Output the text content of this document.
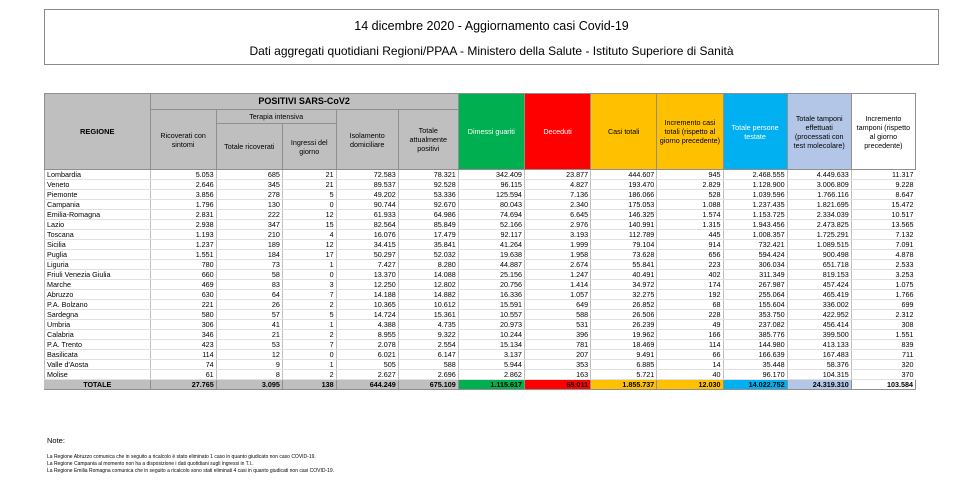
14 dicembre 2020 - Aggiornamento casi Covid-19
Dati aggregati quotidiani Regioni/PPAA - Ministero della Salute - Istituto Superiore di Sanità
REGIONE	POSITIVI SARS-CoV2					Dimessi guariti	Deceduti	Casi totali	Incremento casi totali (rispetto al giorno precedente)	Totale persone testate	Totale tamponi effettuati (processati con test molecolare)	Incremento tamponi (rispetto al giorno precedente)
	Ricoverati con sintomi	Terapia intensiva		Isolamento domiciliare	Totale attualmente positivi							
		Totale ricoverati	Ingressi del giorno									
Lombardia	5.053	685	21	72.583	78.321	342.409	23.877	444.607	945	2.468.555	4.449.633	11.317
Veneto	2.646	345	21	89.537	92.528	96.115	4.827	193.470	2.829	1.128.900	3.006.809	9.228
Piemonte	3.856	278	5	49.202	53.336	125.594	7.136	186.066	528	1.039.596	1.766.116	8.647
Campania	1.796	130	0	90.744	92.670	80.043	2.340	175.053	1.088	1.237.435	1.821.695	15.472
Emilia-Romagna	2.831	222	12	61.933	64.986	74.694	6.645	146.325	1.574	1.153.725	2.334.039	10.517
Lazio	2.938	347	15	82.564	85.849	52.166	2.976	140.991	1.315	1.943.456	2.473.825	13.565
Toscana	1.193	210	4	16.076	17.479	92.117	3.193	112.789	445	1.008.357	1.725.291	7.132
Sicilia	1.237	189	12	34.415	35.841	41.264	1.999	79.104	914	732.421	1.089.515	7.091
Puglia	1.551	184	17	50.297	52.032	19.638	1.958	73.628	656	594.424	900.498	4.878
Liguria	780	73	1	7.427	8.280	44.887	2.674	55.841	223	306.034	651.718	2.533
Friuli Venezia Giulia	660	58	0	13.370	14.088	25.156	1.247	40.491	402	311.349	819.153	3.253
Marche	469	83	3	12.250	12.802	20.756	1.414	34.972	174	267.987	457.424	1.075
Abruzzo	630	64	7	14.188	14.882	16.336	1.057	32.275	192	255.064	465.419	1.766
P.A. Bolzano	221	26	2	10.365	10.612	15.591	649	26.852	68	155.604	336.002	699
Sardegna	580	57	5	14.724	15.361	10.557	588	26.506	228	353.750	422.952	2.312
Umbria	306	41	1	4.388	4.735	20.973	531	26.239	49	237.082	456.414	308
Calabria	346	21	2	8.955	9.322	10.244	396	19.962	166	385.776	399.500	1.551
P.A. Trento	423	53	7	2.078	2.554	15.134	781	18.469	114	144.980	413.133	839
Basilicata	114	12	0	6.021	6.147	3.137	207	9.491	66	166.639	167.483	711
Valle d'Aosta	74	9	1	505	588	5.944	353	6.885	14	35.448	58.376	320
Molise	61	8	2	2.627	2.696	2.862	163	5.721	40	96.170	104.315	370
TOTALE	27.765	3.095	138	644.249	675.109	1.115.617	65.011	1.855.737	12.030	14.022.752	24.319.310	103.584
Note:
La Regione Abruzzo comunica che in seguito a ricalcolo è stato eliminato 1 caso in quanto giudicato non caso COVID-19.
La Regione Campania al momento non ha a disposizione i dati quotidiani sugli ingressi in T.I..
La Regione Emilia Romagna comunica che in seguito a ricalcolo sono stati eliminati 4 casi in quanto giudicati non casi COVID-19.
